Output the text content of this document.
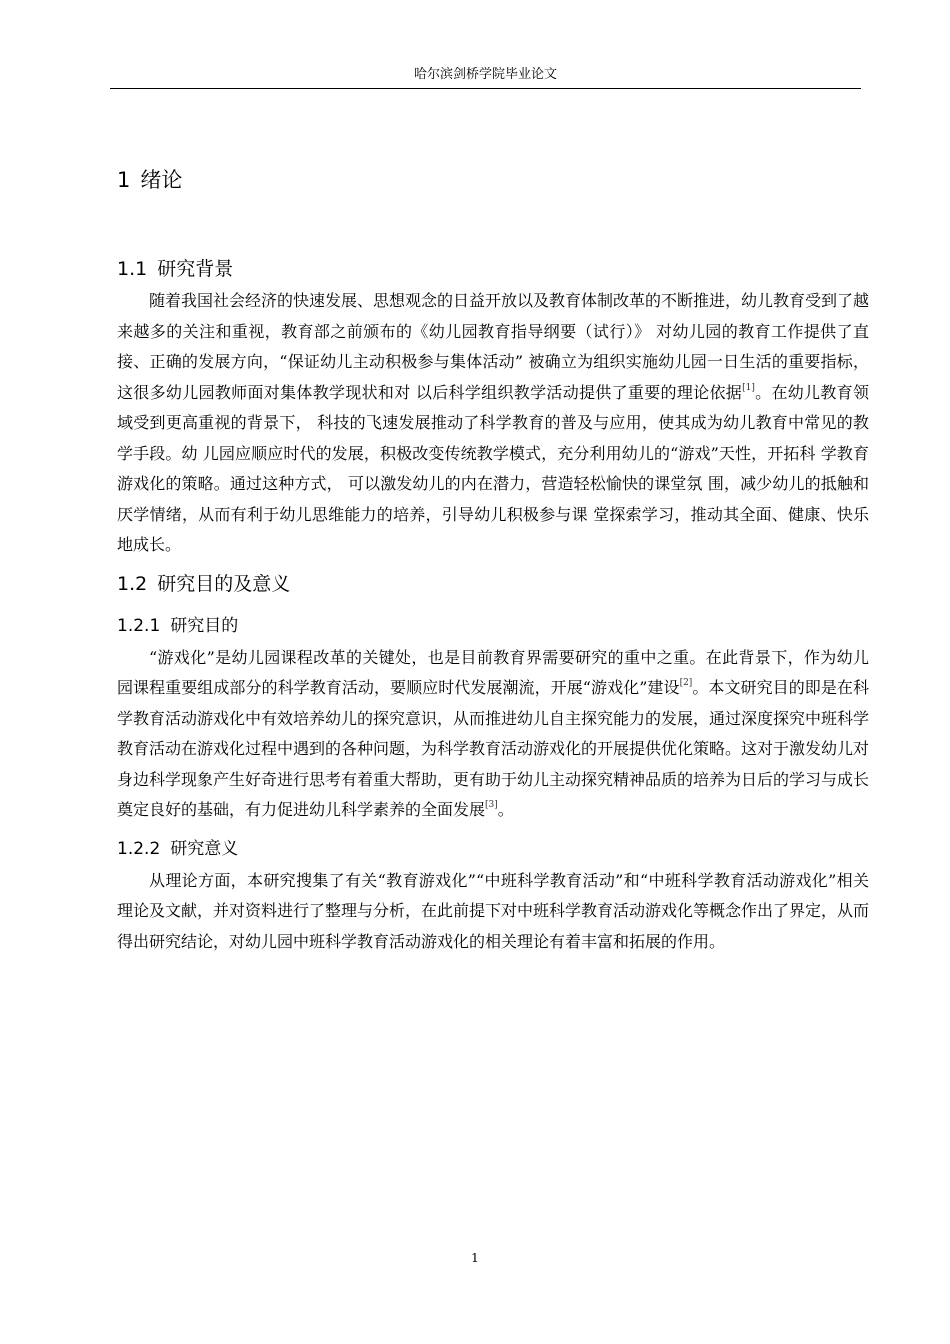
哈尔滨剑桥学院毕业论文
1 绪论
1.1 研究背景

随着我国社会经济的快速发展、思想观念的日益开放以及教育体制改革的不断推进，幼儿教育受到了越来越多的关注和重视，教育部之前颁布的《幼儿园教育指导纲要（试行）》 对幼儿园的教育工作提供了直接、正确的发展方向，“保证幼儿主动积极参与集体活动” 被确立为组织实施幼儿园一日生活的重要指标，这很多幼儿园教师面对集体教学现状和对 以后科学组织教学活动提供了重要的理论依据[1]。在幼儿教育领域受到更高重视的背景下， 科技的飞速发展推动了科学教育的普及与应用，使其成为幼儿教育中常见的教学手段。幼 儿园应顺应时代的发展，积极改变传统教学模式，充分利用幼儿的“游戏”天性，开拓科 学教育游戏化的策略。通过这种方式， 可以激发幼儿的内在潜力，营造轻松愉快的课堂氛 围，减少幼儿的抵触和厌学情绪，从而有利于幼儿思维能力的培养，引导幼儿积极参与课 堂探索学习，推动其全面、健康、快乐地成长。

1.2 研究目的及意义
1.2.1 研究目的

“游戏化”是幼儿园课程改革的关键处，也是目前教育界需要研究的重中之重。在此背景下，作为幼儿园课程重要组成部分的科学教育活动，要顺应时代发展潮流，开展“游戏化”建设[2]。本文研究目的即是在科学教育活动游戏化中有效培养幼儿的探究意识，从而推进幼儿自主探究能力的发展，通过深度探究中班科学教育活动在游戏化过程中遇到的各种问题，为科学教育活动游戏化的开展提供优化策略。这对于激发幼儿对身边科学现象产生好奇进行思考有着重大帮助，更有助于幼儿主动探究精神品质的培养为日后的学习与成长奠定良好的基础，有力促进幼儿科学素养的全面发展[3]。

1.2.2 研究意义

从理论方面，本研究搜集了有关“教育游戏化”“中班科学教育活动”和“中班科学教育活动游戏化”相关理论及文献，并对资料进行了整理与分析，在此前提下对中班科学教育活动游戏化等概念作出了界定，从而得出研究结论，对幼儿园中班科学教育活动游戏化的相关理论有着丰富和拓展的作用。

1
